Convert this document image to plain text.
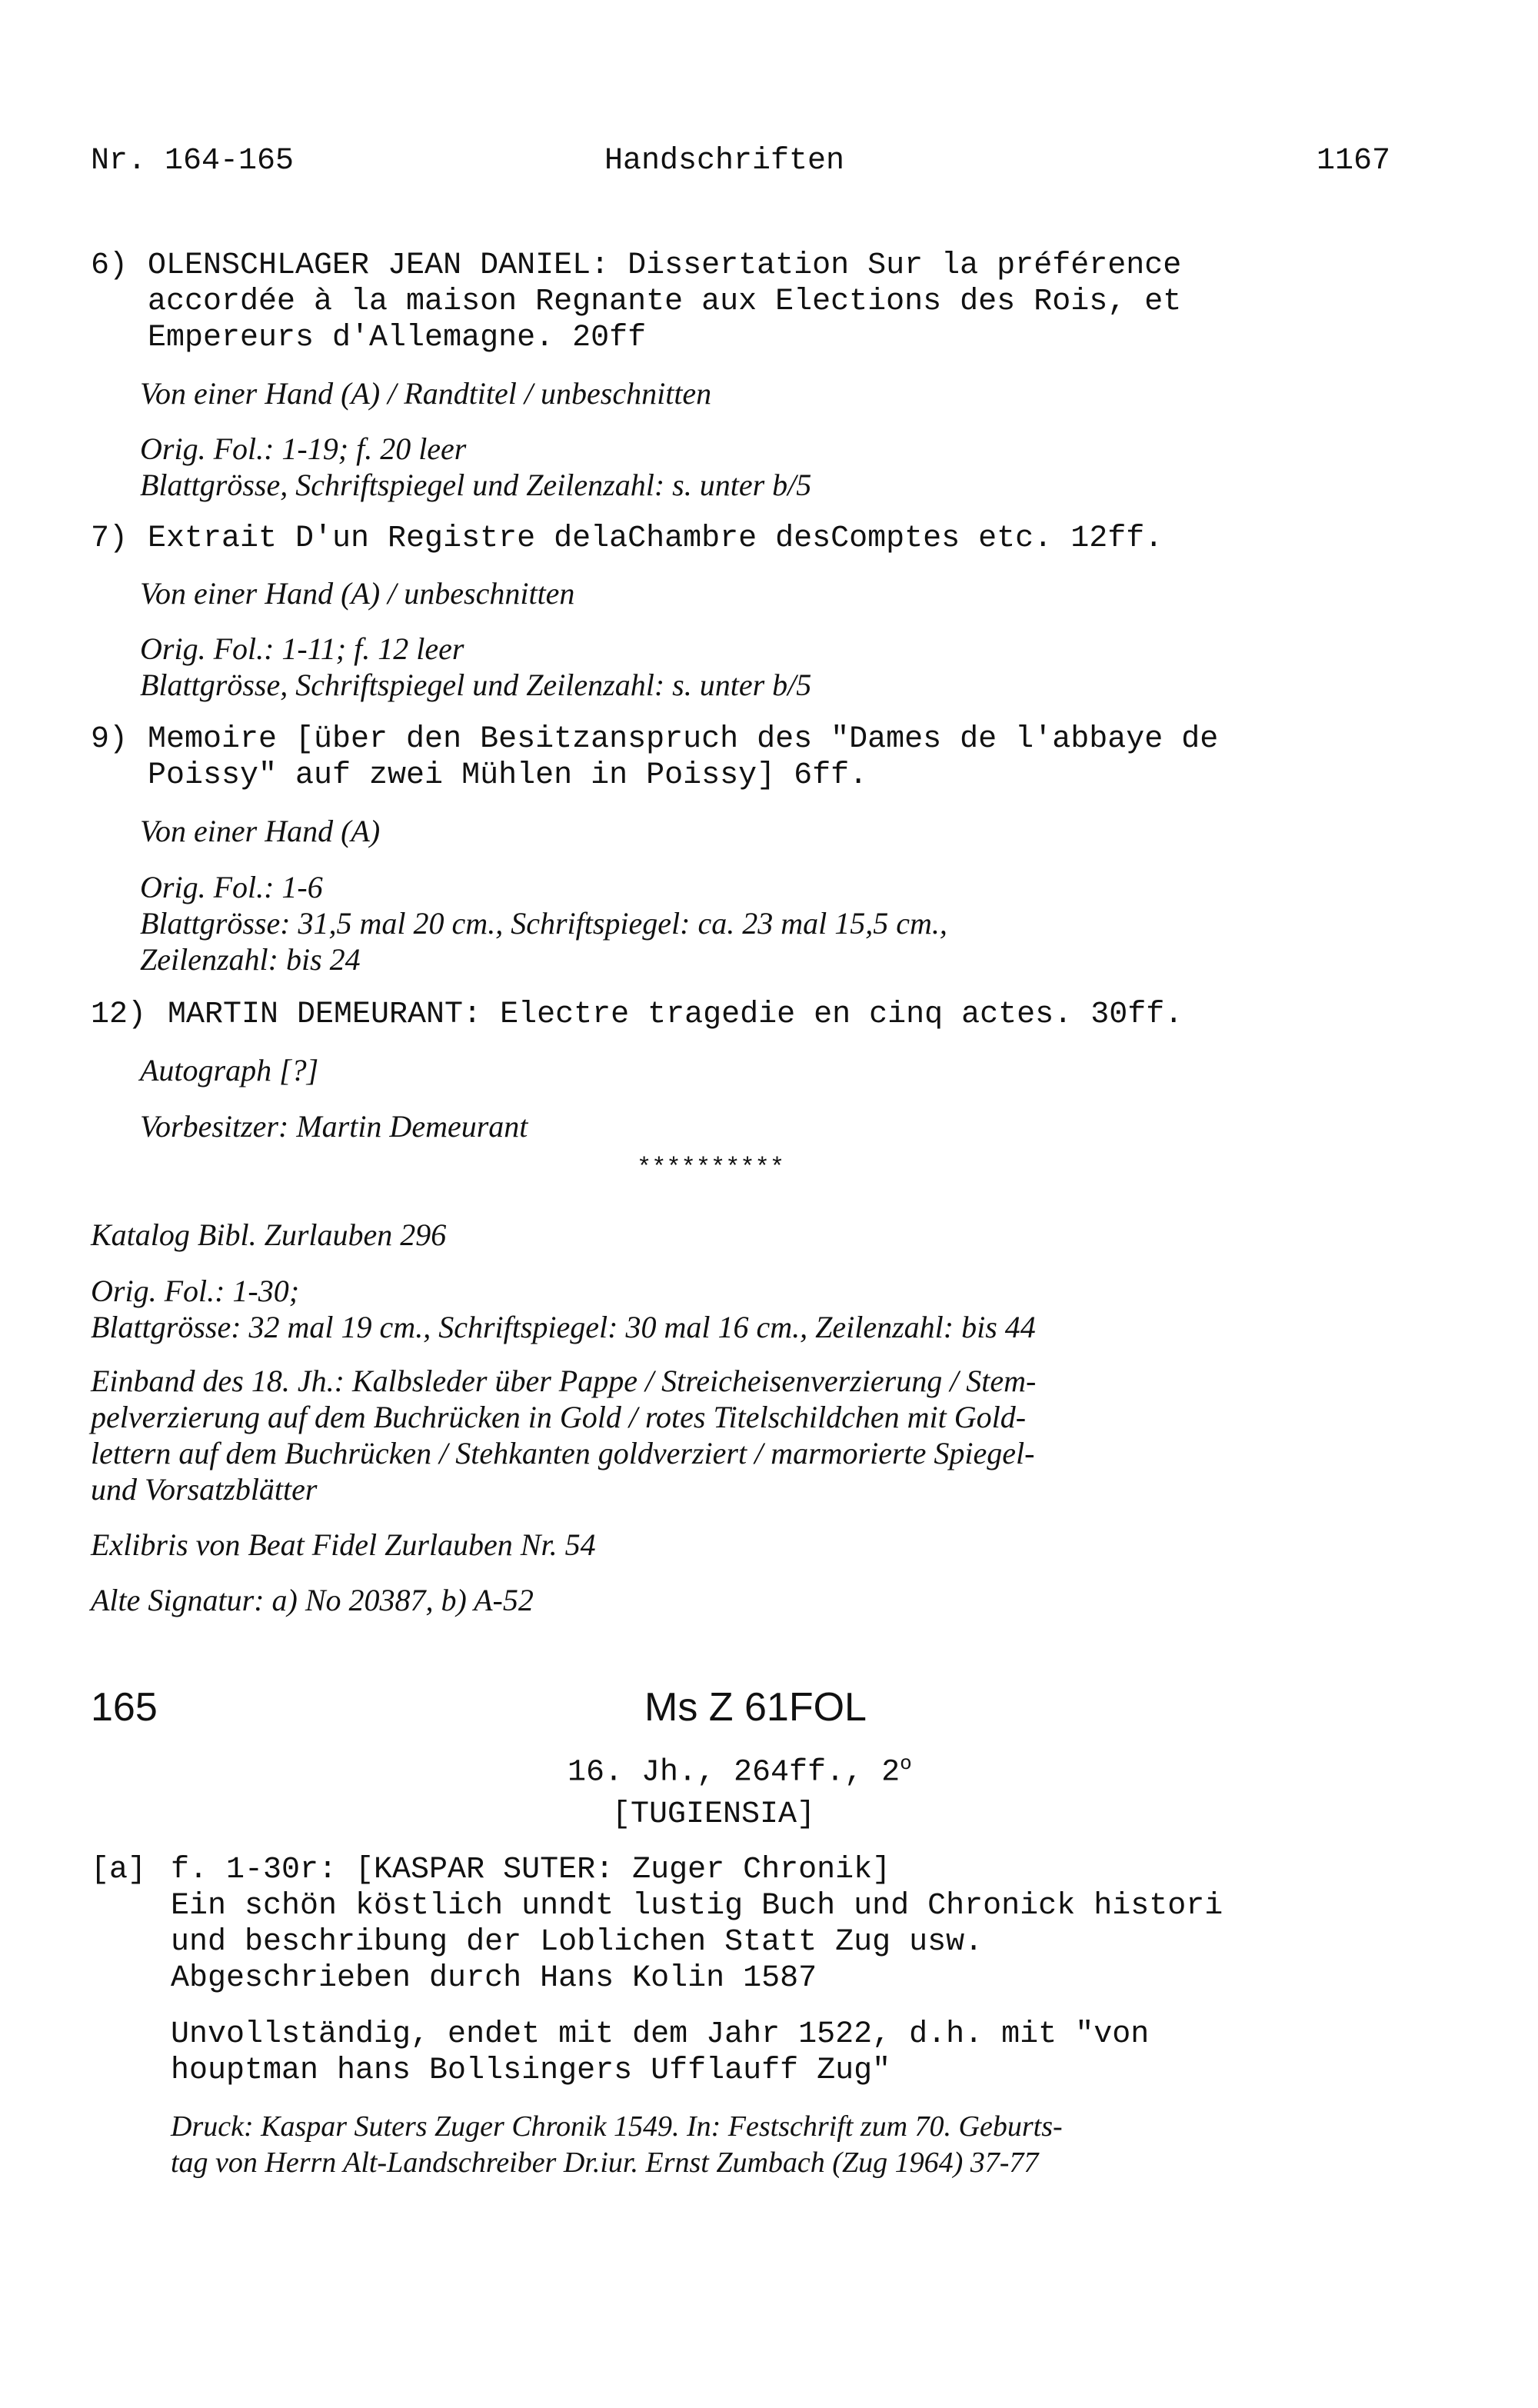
Nr. 164-165	Handschriften	1167
6) OLENSCHLAGER JEAN DANIEL: Dissertation Sur la préférence
accordée à la maison Regnante aux Elections des Rois, et
Empereurs d'Allemagne. 20ff
Von einer Hand (A) / Randtitel / unbeschnitten
Orig. Fol.: 1-19; f. 20 leer
Blattgrösse, Schriftspiegel und Zeilenzahl: s. unter b/5
7) Extrait D'un Registre delaChambre desComptes etc. 12ff.
Von einer Hand (A) / unbeschnitten
Orig. Fol.: 1-11; f. 12 leer
Blattgrösse, Schriftspiegel und Zeilenzahl: s. unter b/5
9) Memoire [über den Besitzanspruch des "Dames de l'abbaye de
Poissy" auf zwei Mühlen in Poissy] 6ff.
Von einer Hand (A)
Orig. Fol.: 1-6
Blattgrösse: 31,5 mal 20 cm., Schriftspiegel: ca. 23 mal 15,5 cm.,
Zeilenzahl: bis 24
12) MARTIN DEMEURANT: Electre tragedie en cinq actes. 30ff.
Autograph [?]
Vorbesitzer: Martin Demeurant
**********
Katalog Bibl. Zurlauben 296
Orig. Fol.: 1-30;
Blattgrösse: 32 mal 19 cm., Schriftspiegel: 30 mal 16 cm., Zeilenzahl: bis 44
Einband des 18. Jh.: Kalbsleder über Pappe / Streicheisenverzierung / Stem-
pelverzierung auf dem Buchrücken in Gold / rotes Titelschildchen mit Gold-
lettern auf dem Buchrücken / Stehkanten goldverziert / marmorierte Spiegel-
und Vorsatzblätter
Exlibris von Beat Fidel Zurlauben Nr. 54
Alte Signatur: a) No 20387, b) A-52
165	Ms Z 61FOL
16. Jh., 264ff., 2$^o$
[TUGIENSIA]
[a] f. 1-30r: [KASPAR SUTER: Zuger Chronik]
Ein schön köstlich unndt lustig Buch und Chronick histori
und beschribung der Loblichen Statt Zug usw.
Abgeschrieben durch Hans Kolin 1587
Unvollständig, endet mit dem Jahr 1522, d.h. mit "von
houptman hans Bollsingers Ufflauff Zug"
Druck: Kaspar Suters Zuger Chronik 1549. In: Festschrift zum 70. Geburts-
tag von Herrn Alt-Landschreiber Dr.iur. Ernst Zumbach (Zug 1964) 37-77
